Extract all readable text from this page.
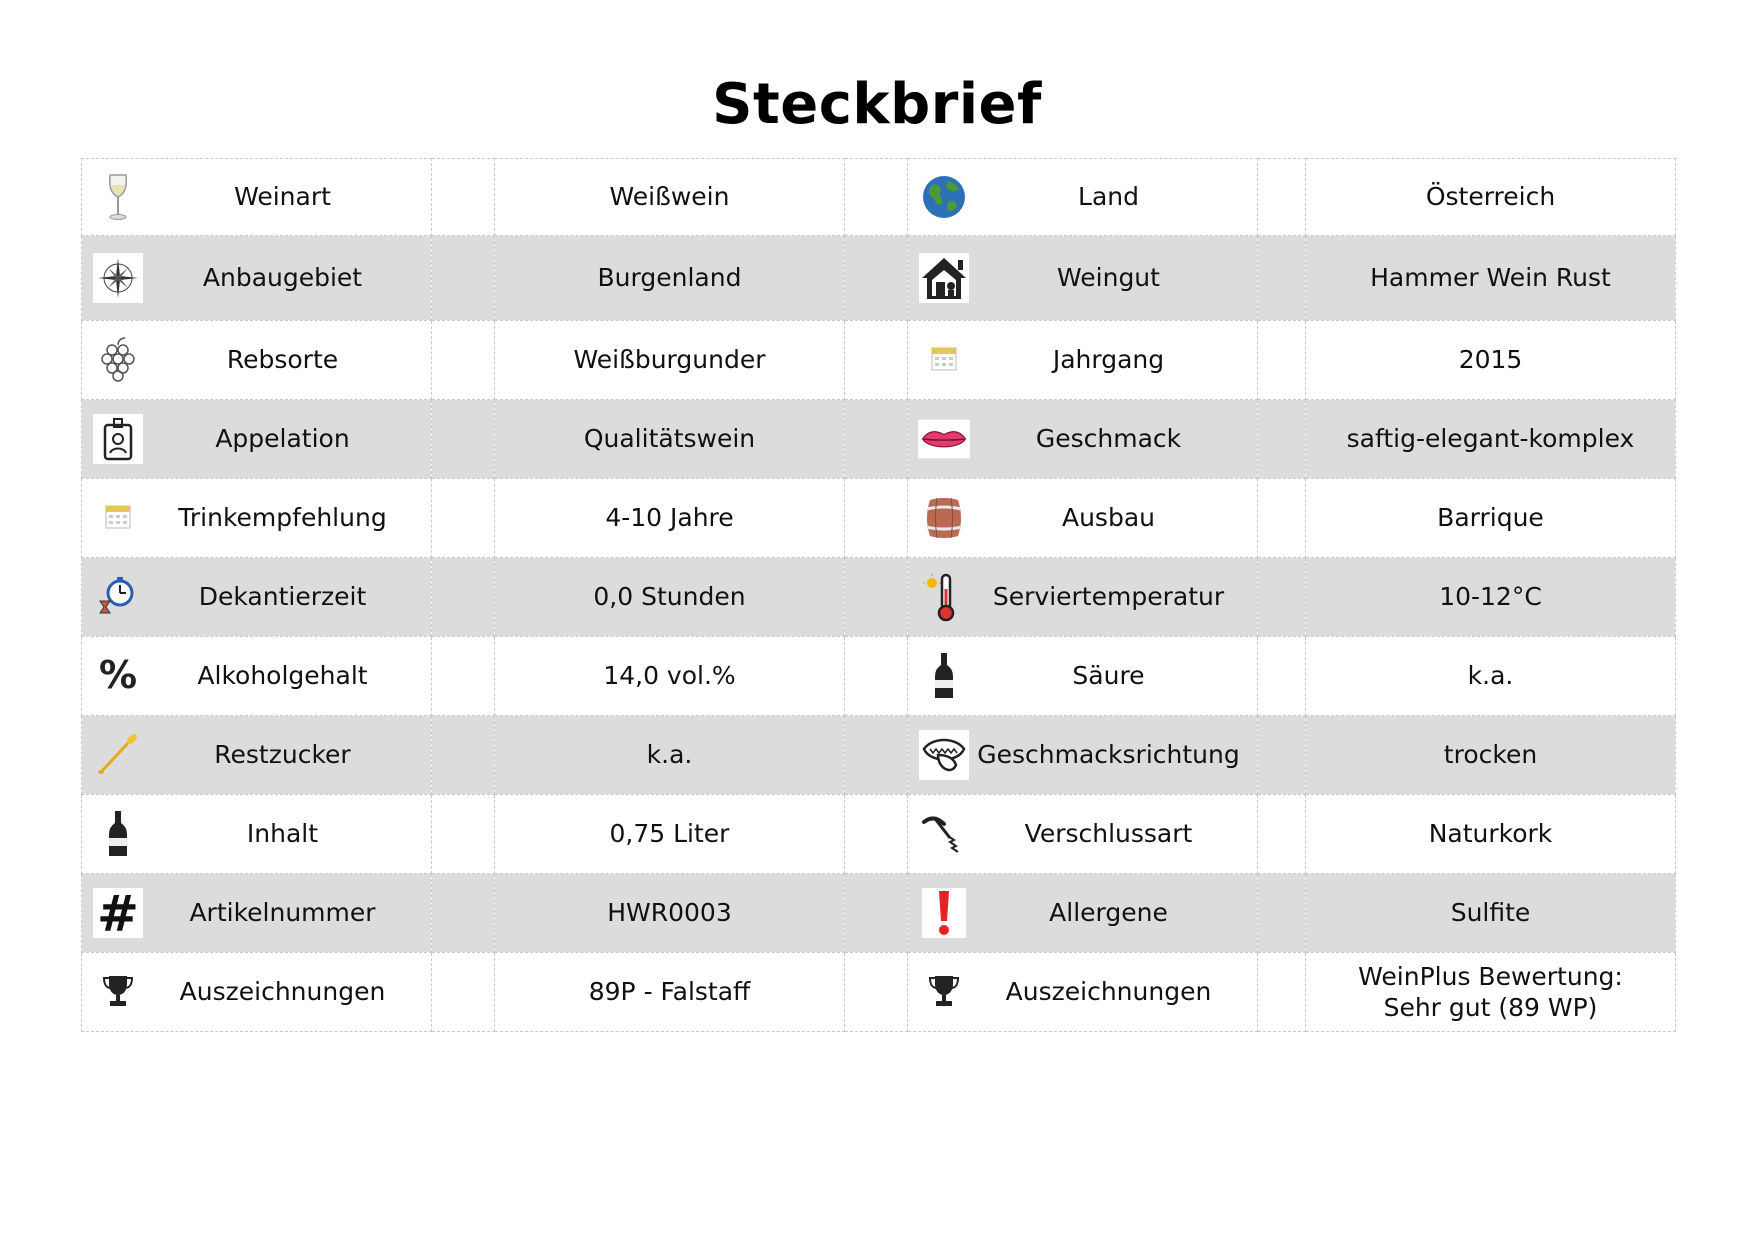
Steckbrief
Weinart		Weißwein		Land		Österreich

Anbaugebiet		Burgenland		Weingut		Hammer Wein Rust

Rebsorte		Weißburgunder		Jahrgang		2015

Appelation		Qualitätswein		Geschmack		saftig-elegant-komplex

Trinkempfehlung		4-10 Jahre		Ausbau		Barrique

Dekantierzeit		0,0 Stunden		Serviertemperatur		10-12°C

% Alkoholgehalt		14,0 vol.%		Säure		k.a.

Restzucker		k.a.		Geschmacksrichtung		trocken

Inhalt		0,75 Liter		Verschlussart		Naturkork

# Artikelnummer		HWR0003		Allergene		Sulfite

Auszeichnungen		89P - Falstaff		Auszeichnungen		WeinPlus Bewertung:
Sehr gut (89 WP)
